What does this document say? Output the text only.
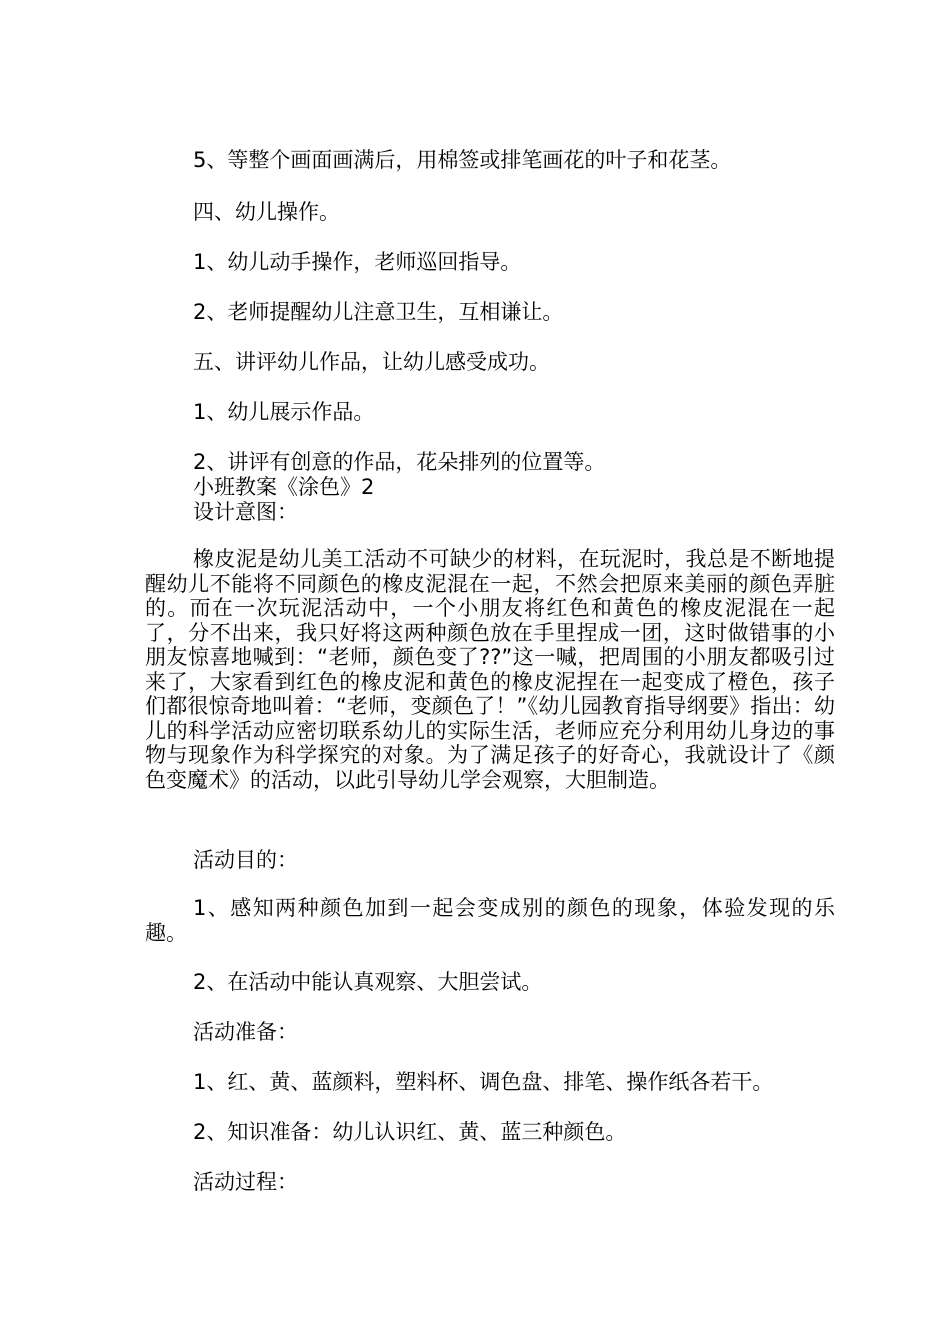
5、等整个画面画满后，用棉签或排笔画花的叶子和花茎。
四、幼儿操作。
1、幼儿动手操作，老师巡回指导。
2、老师提醒幼儿注意卫生，互相谦让。
五、讲评幼儿作品，让幼儿感受成功。
1、幼儿展示作品。
2、讲评有创意的作品，花朵排列的位置等。
小班教案《涂色》2
设计意图：

橡皮泥是幼儿美工活动不可缺少的材料，在玩泥时，我总是不断地提醒幼儿不能将不同颜色的橡皮泥混在一起，不然会把原来美丽的颜色弄脏的。而在一次玩泥活动中，一个小朋友将红色和黄色的橡皮泥混在一起了，分不出来，我只好将这两种颜色放在手里捏成一团，这时做错事的小朋友惊喜地喊到：“老师，颜色变了??”这一喊，把周围的小朋友都吸引过来了，大家看到红色的橡皮泥和黄色的橡皮泥捏在一起变成了橙色，孩子们都很惊奇地叫着：“老师，变颜色了！”《幼儿园教育指导纲要》指出：幼儿的科学活动应密切联系幼儿的实际生活，老师应充分利用幼儿身边的事物与现象作为科学探究的对象。为了满足孩子的好奇心，我就设计了《颜色变魔术》的活动，以此引导幼儿学会观察，大胆制造。

活动目的：

1、感知两种颜色加到一起会变成别的颜色的现象，体验发现的乐趣。

2、在活动中能认真观察、大胆尝试。
活动准备：
1、红、黄、蓝颜料，塑料杯、调色盘、排笔、操作纸各若干。
2、知识准备：幼儿认识红、黄、蓝三种颜色。
活动过程：
